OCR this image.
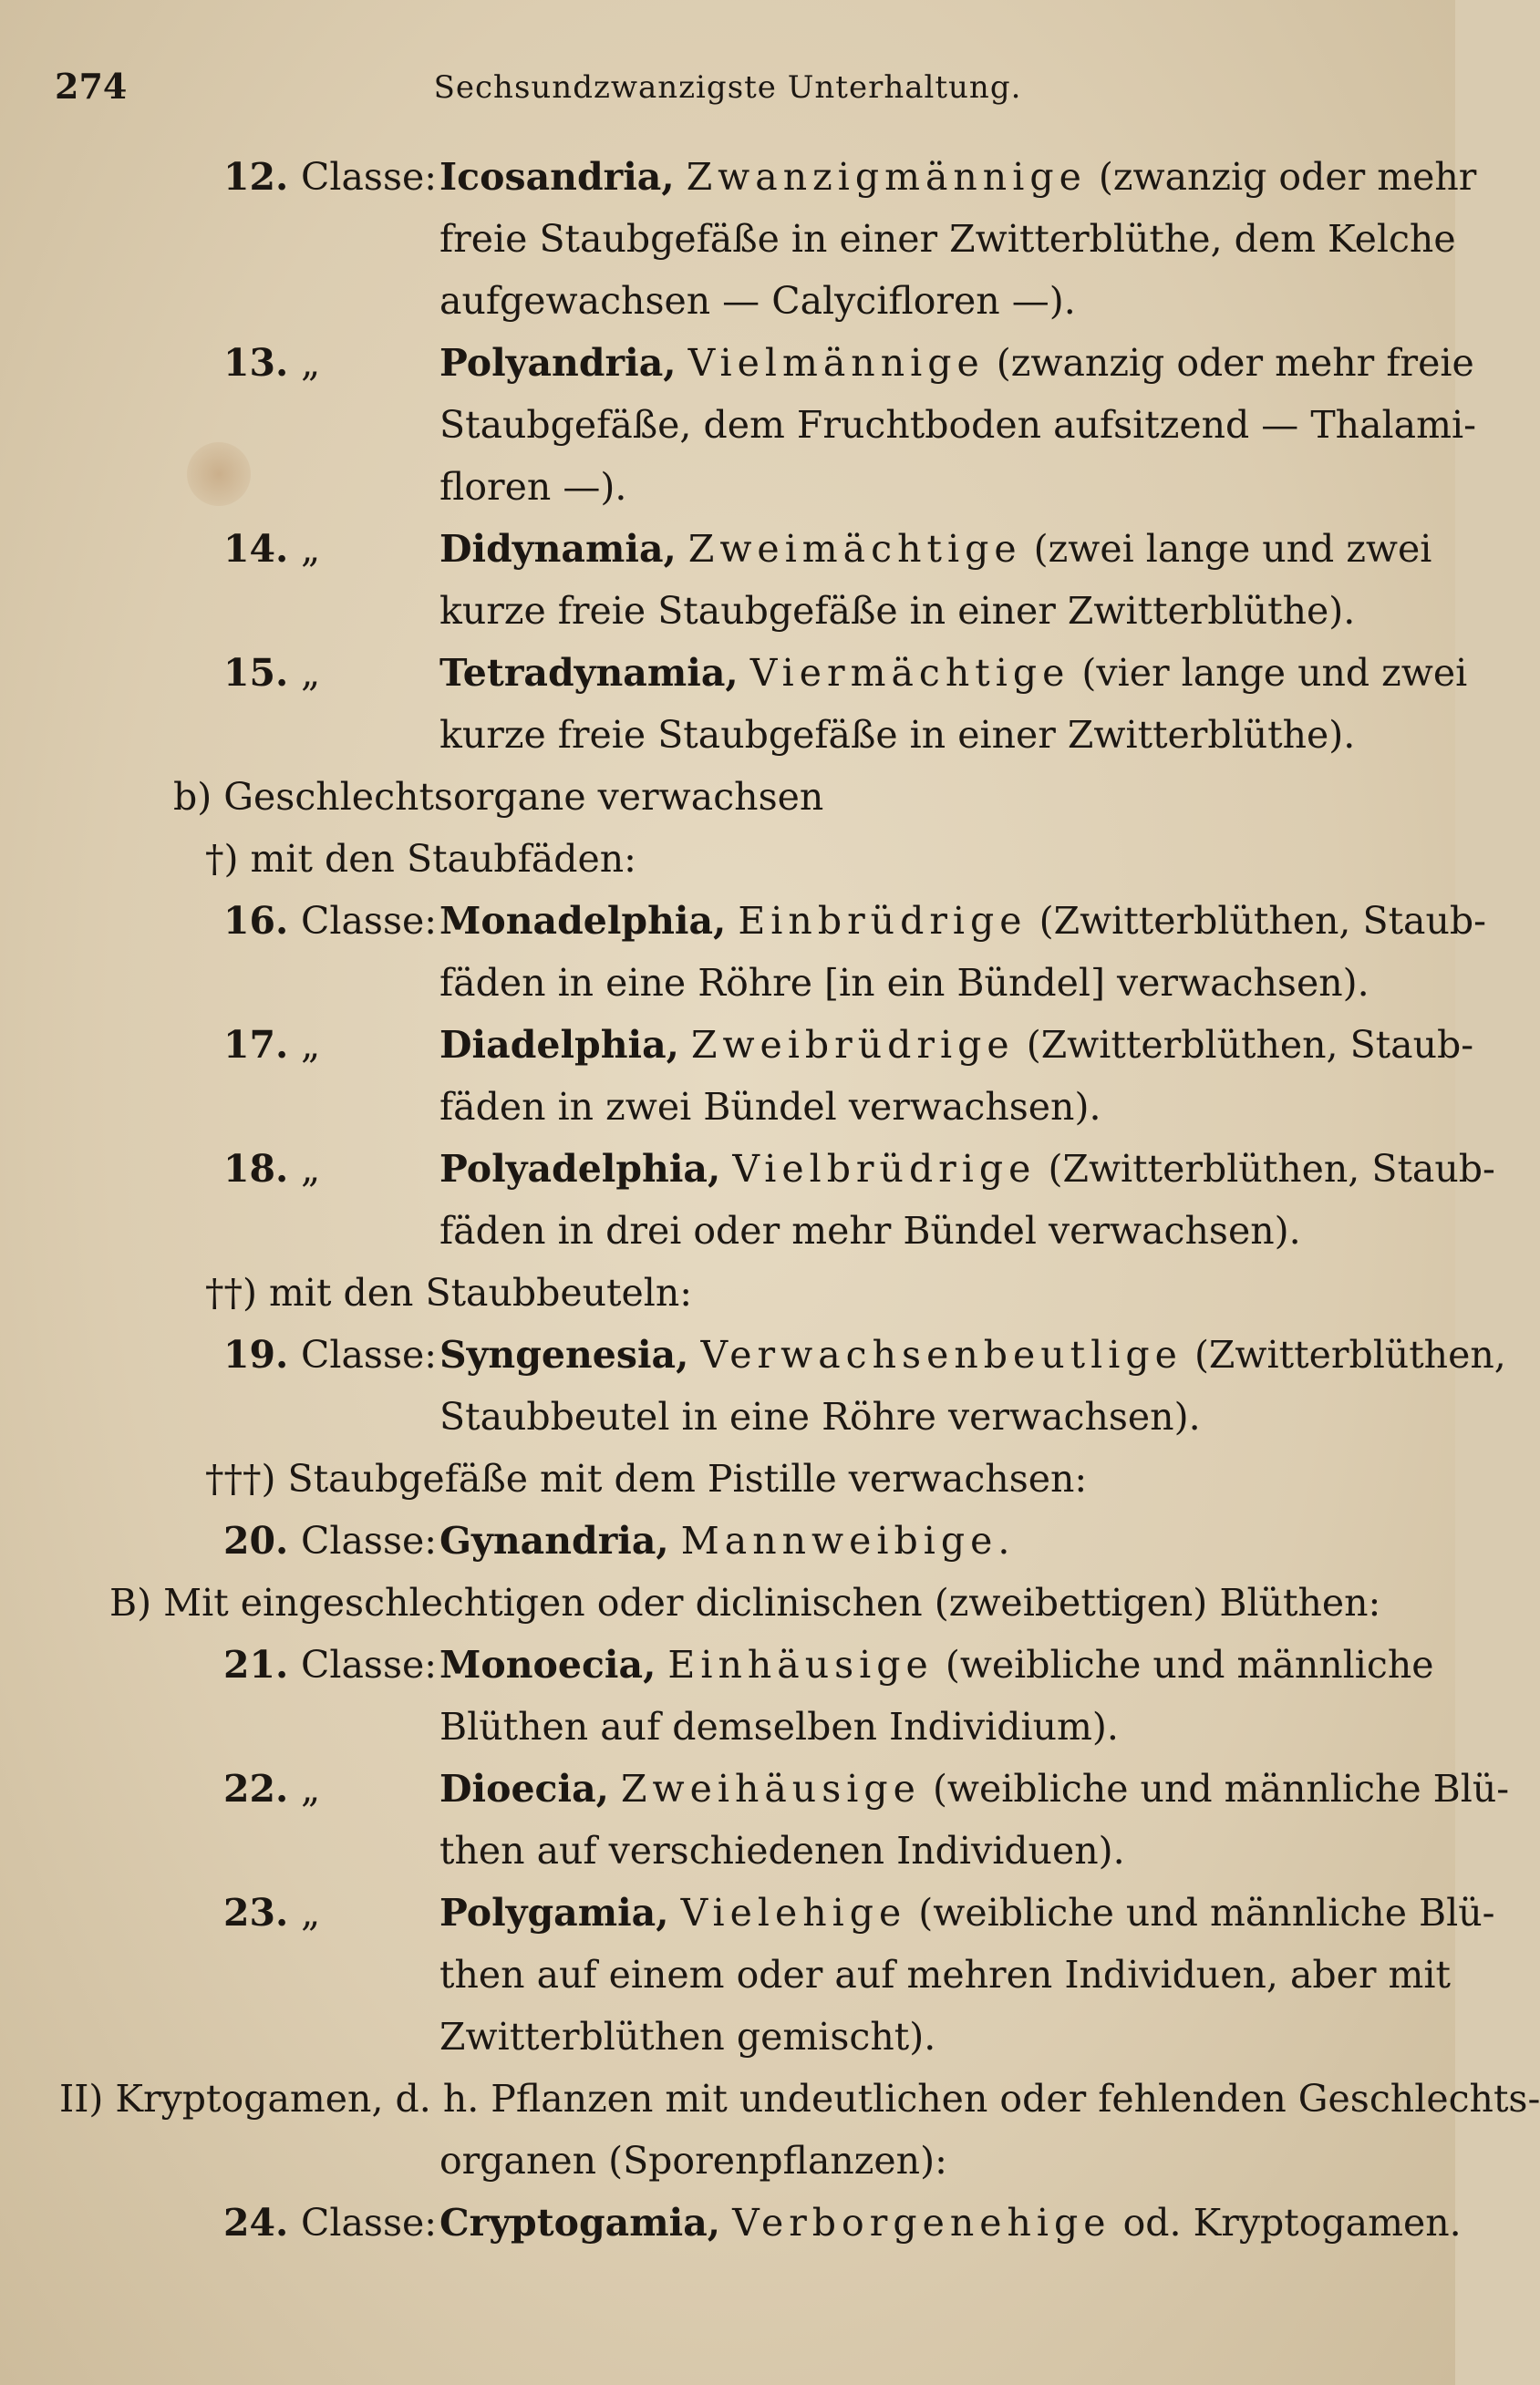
274	Sechsundzwanzigste Unterhaltung.
12. Classe: Icosandria, Zwanzigmännige (zwanzig oder mehr
freie Staubgefäße in einer Zwitterblüthe, dem Kelche
aufgewachsen — Calyciﬂoren —).
13. „	Polyandria, Vielmännige (zwanzig oder mehr freie
Staubgefäße, dem Fruchtboden aufsitzend — Thalami-
ﬂoren —).
14. „	Didynamia, Zweimächtige (zwei lange und zwei
kurze freie Staubgefäße in einer Zwitterblüthe).
15. „	Tetradynamia, Viermächtige (vier lange und zwei
kurze freie Staubgefäße in einer Zwitterblüthe).
b) Geschlechtsorgane verwachsen
†) mit den Staubfäden:
16. Classe: Monadelphia, Einbrüdrige (Zwitterblüthen, Staub-
fäden in eine Röhre [in ein Bündel] verwachsen).
17. „	Diadelphia, Zweibrüdrige (Zwitterblüthen, Staub-
fäden in zwei Bündel verwachsen).
18. „	Polyadelphia, Vielbrüdrige (Zwitterblüthen, Staub-
fäden in drei oder mehr Bündel verwachsen).
††) mit den Staubbeuteln:
19. Classe: Syngenesia, Verwachsenbeutlige (Zwitterblüthen,
Staubbeutel in eine Röhre verwachsen).
†††) Staubgefäße mit dem Pistille verwachsen:
20. Classe: Gynandria, Mannweibige.
B) Mit eingeschlechtigen oder diclinischen (zweibettigen) Blüthen:
21. Classe: Monoecia, Einhäusige (weibliche und männliche
Blüthen auf demselben Individium).
22. „	Dioecia, Zweihäusige (weibliche und männliche Blü-
then auf verschiedenen Individuen).
23. „	Polygamia, Vielehige (weibliche und männliche Blü-
then auf einem oder auf mehren Individuen, aber mit
Zwitterblüthen gemischt).
II) Kryptogamen, d. h. Pﬂanzen mit undeutlichen oder fehlenden Geschlechts-
organen (Sporenpﬂanzen):
24. Classe: Cryptogamia, Verborgenehige od. Kryptogamen.
